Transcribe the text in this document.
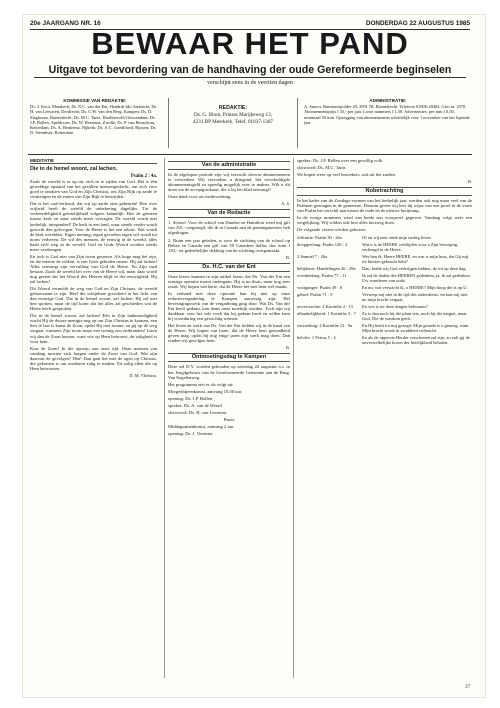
20e JAARGANG NR. 16	DONDERDAG 22 AUGUSTUS 1985
BEWAAR HET PAND
Uitgave tot bevordering van de handhaving der oude Gereformeerde beginselen
verschijnt eens in de veertien dagen
KOMMISSIE VAN REDAKTIE:
Ds. J. Kooi, Maarkerk; Dr. N.C. van der Ent, Hendrik-Ido-Ambacht; Ds. H. van Leeuwen, Dordrecht; Ds. C.W. van den Berg, Kampen; Ds. D. Slagboom, Barendrecht; Ds. M.C. Tanis, Hardinxveld-Giessendam; Ds. J.P. Bollen, Apeldoorn; Ds. W. Heerema, Zwolle; Dr. P. van Beusekom, Rotterdam; Ds. A. Beukema, Nijkerk; Ds. A.C. Goedbloed, Rijssen; Ds. D. Steenhuis, Rotterdam
REDAKTIE:
Ds. G. Blom, Prinses Marijkeweg 13,
4231 BP Meerkerk. Telef. 01837-1307
ADMINISTRATIE:
A. Smoor, Rummerspolder 20, 2991 NL Barendrecht. Telefoon 01806-28404. Giro nr. 1870. Abonnementsprijs f 35,- per jaar. Losse nummers f 1,50. Advertenties: per mm f 0,50, minimaal 50 mm. Opzegging van abonnementen schriftelijk voor 1 november van het lopende jaar.
MEDITATIE
Die in de hemel woont, zal lachen.
Psalm 2 : 4a.

Zoals de wereld is er op uit, zich in te zijden van God. Het is één geweldige opstand van het gevallen mensengeslacht, om zich voor goed te ontdoen van God en Zijn Christus, om Zijn Rijk op aarde te vernietigen en de zonen van Zijn Rijk te bestrijden.

Dat is het oud-verbond, dat wij op aarde zien gebeuren! Hoe over vrijheid heeft de wereld de onbekering dagelijks. Tot de verkeerdeligheid geestelijkheid volgens kennelijk. Hoe de grenzen tussen kerk en staat steeds meer vervagen. De wereld wordt niet kerkelijk, integendeel! De kerk in een land, waar steeds verder wordt gezocht den gelovigen. Voor de Heere is het een tekort. Wat wordt de kerk wereldser. Eigen mening, eigen gevoelen eigen wil wordt tot norm verheven. De wil des mensen, de eeuwig in de wereld, alles haalt zich weg in de wereld. God en Gods Woord worden steeds meer verdrongen.

En toch is God niet van Zijn troon gestoten. Als hoge mag het zijn, en die meeste de volken, is van Gods geboden rusten. Hij zal lachen! Alles ontvangt zijn vervulling van God de Heere. En Zijn raad bestaat. Zoals de wereld het over van de Heere wil, maar daar wordt nog gezien dat het Woord des Heeren blijft in der eeuwigheid. Hij zal lachen!

Dit Woord vermeldt de weg van God en Zijn Christus, de wereld gehoorzaam te zijn. Heel die schijnbare grootheid in het licht van den eeuwige God. Die in de hemel woont, zal lachen. Hij zal met hen spotten, maar de tijd komt dat het alles zal geschieden wat de Heere heeft gesproken.

Die in de hemel woont, zal lachen! Eén in Zijn lankmoedigheid wacht Hij de dwaze menigte nog op om Zijn Christus te kaatsen, een hert te laat is kunst de Zoon, opdat Hij niet toorne, zo gij op de weg vergaat, wanneer Zijn toorn maar een weinig zou ontbranden! Laten wij dan de Zoon kussen, want wie op Hem betrouwt, de zaligheid is voor hem.

Kust de Zoon! In die oproep, aan onze tijd. Onze mensen van vandaag moeten zich buigen onder de Zoon van God. Wat zijn daarvan de gevolgen? Hen! Dan gaat het met de ogen op Christus, die gekomen is om zondaren zalig te maken. En zalig allen die op Hem betrouwen.

D. M. Vlietstra.
Van de administratie

In de afgelopen periode zijn wij verzocht diverse abonnementen te verwerken. Wij verzoeken u dringend, het verschuldigde abonnementsgeld zo spoedig mogelijk over te maken. Wilt u dit doen via de acceptgirokaart, die u bij het blad ontvangt?

Onze dank voor uw medewerking.

A. S.
Van de Redactie

1. School. Voor de school van Dundee en Hamilton werd mij gift van J10,- toegezegd, die ik in Canada aan de penningmeester heb afgedragen.

2. Ruim een jaar geleden, is voor de stichting van de school op Belize en Canada een gift van 50 Canadese dollar, dus ruim f 130,- tot gedeeltelijke dekking van de stichting overgemaakt.

B.
Ds. H.C. van der Ent

Onze lezers kunnen in zijn artikel lezen, dat Ds. Van der Ent een ernstige operatie moest ondergaan. Hij is nu thuis, maar nog zeer zwak. Wij hopen van harte, dat de Heere het met hem wel maakt.

In verband met deze operatie kan hij niet op onze redactievergadering te Kampen aanwezig zijn. Het bevestigingswerk van de vergadering ging door. Wat Ds. Van der Ent heeft gedaan, kan thans onze moeilijk worden. Toch zijn wij dankbaar voor het vele werk dat hij gedaan heeft en willen hem bij voortduring een gewichtig wensen.

Het leven en werk van Ds. Van der Ent bidden wij in de hand van de Heere. Wij hopen van harte, dat de Heere hem gezondheid geven mag, opdat hij nog enige jaren zijn werk mag doen. Dan vinden wij gevolgen hem.

B.
Ontmoetingsdag te Kampen

Deze zal D.V. worden gehouden op zaterdag 24 augustus a.s. in het Jeugdgebouw van de Gereformeerde Gemeente aan de Burg. Van Engelenweg.

Het programma ziet er als volgt uit:

Morgenbijeenkomst, aanvang 10.30 uur.

opening: Ds. J.P. Bollen

spreker: Ds. A. van de Weerd

slotwoord: Ds. H. van Leeuwen

Pauze

Middagsamenkomst, aanvang 2 uur

opening: Ds. J. Veenstra

spreker: Ds. J.P. Bollen over een gewillig volk

slotwoord: Ds. M.C. Tanis

We hopen weer op veel bezoekers, ook uit het zuiden.

B.
Nobetrachting

In het kader van de Zondags-vormen van het kerkelijk jaar, werden ook nog maar veel van de Psalmen gezongen in de gemeente. Daarom geven wij hier bij wijze van een proef in de vorm van Psalm het verschil aan tussen de oude en de nieuwe berijming.

In de vorige nummers werd van beide een voorproef gegeven. Vandaag volgt weer een vergelijking. Wij wilden ook hier alles kortweg doen.

De volgende verzen werden gekozen:

feliciatie: Psalm 30 : 26a	Of en wij neer sterk mijn nadrig leven.
doopgeefang: Psalm 126 : 2	Wat u is de HEERE verblijden voor u Zijn beweging, verheugd in de Heere.
2 Samuël 7 : 26a	Wer ben ik, Heere HEERE, en wat is mijn huis, dat Gij mij tot hiertoe gebracht hebt?
belijdenis: Handelingen 26 : 29a	Dan, bidde wij God verkrijgen bidden, de tot op deze dag.
overdenking: Psalm 77 : 11	Ik zal de daden des HEEREN gedenken, ja, ik zal gedenken Uw wonderen van ouds.
voorganger: Psalm 39 : 8	En nu, wat verwacht ik, o HEERE? Mijn hoop die is op U.
gebed: Psalm 71 : 9	Verwerp mij niet in de tijd des ouderdoms; verlaat mij niet, nu mijn kracht vergaat.
onverwachte: 2 Korinthe 2 : 15	En wie is tot deze dingen bekwaam?
afhankelijkheid: 1 Korinthe 3 : 7	Zo is dan noch hij die plant iets, noch hij die natgiet, maar God, Die de wasdom geeft.
verzoeking: 2 Korinthe 12 : 9a	En Hij heeft tot mij gezegd: Mijn genade is u genoeg, want Mijn kracht wordt in zwakheid volbracht.
belofte: 1 Petrus 5 : 4	En als de opperste Herder verschenen zal zijn, zo zult gij de onverwelkelijke kroon der heerlijkheid behalen.
37
